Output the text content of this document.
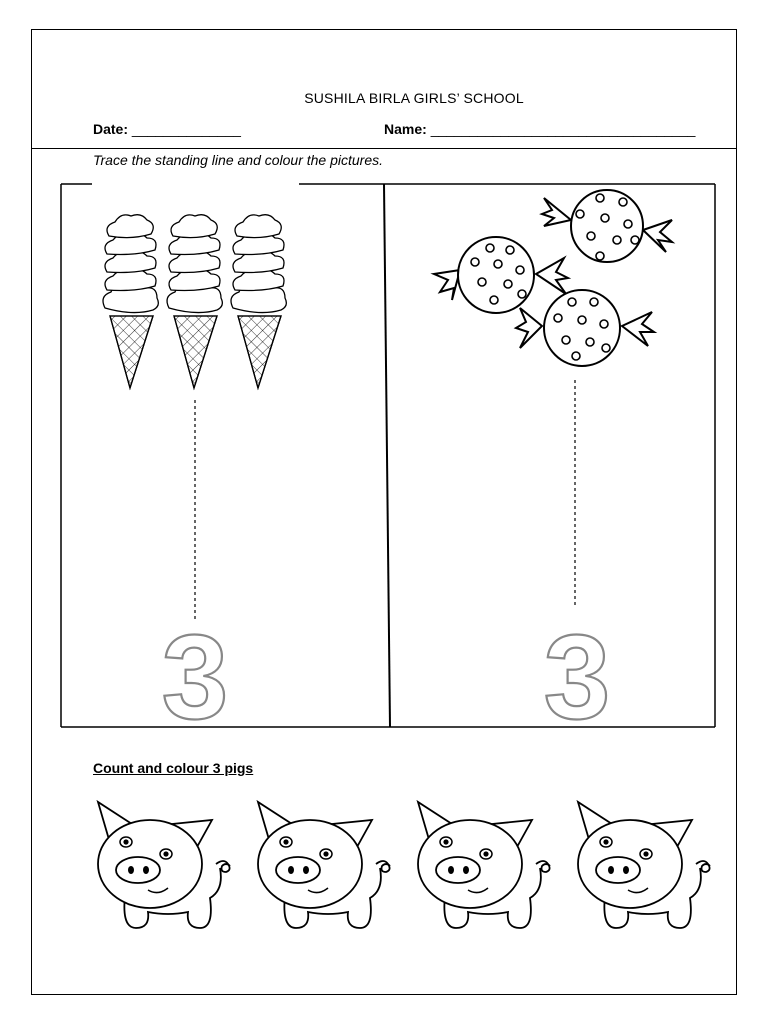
SUSHILA BIRLA GIRLS’ SCHOOL
Date: ______________	Name: __________________________________
Trace the standing line and colour the pictures.
3	3
Count and colour 3 pigs
